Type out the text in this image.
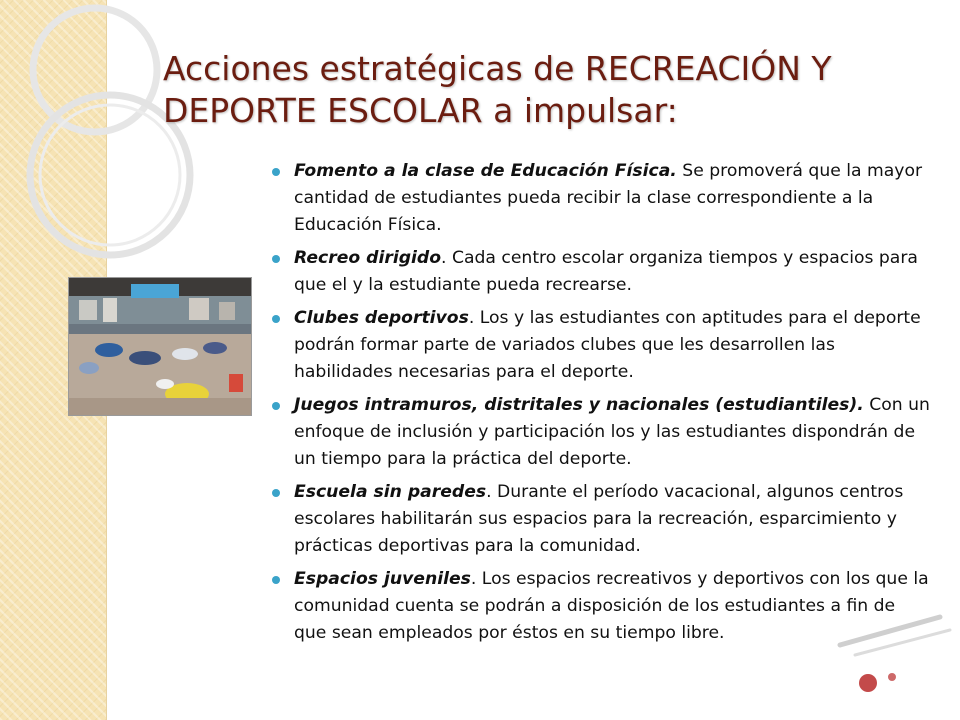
Acciones estratégicas de RECREACIÓN Y DEPORTE ESCOLAR a impulsar:
Fomento a la clase de Educación Física. Se promoverá que la mayor cantidad de estudiantes pueda recibir la clase correspondiente a la Educación Física.
Recreo dirigido. Cada centro escolar organiza tiempos y espacios para que el y la estudiante pueda recrearse.
Clubes deportivos. Los y las estudiantes con aptitudes para el deporte podrán formar parte de variados clubes que les desarrollen las habilidades necesarias para el deporte.
Juegos intramuros, distritales y nacionales (estudiantiles). Con un enfoque de inclusión y participación los y las estudiantes dispondrán de un tiempo para la práctica del deporte.
Escuela sin paredes. Durante el período vacacional, algunos centros escolares habilitarán sus espacios para la recreación, esparcimiento y prácticas deportivas para la comunidad.
Espacios juveniles. Los espacios recreativos y deportivos con los que la comunidad cuenta se podrán a disposición de los estudiantes a fin de que sean empleados por éstos en su tiempo libre.
